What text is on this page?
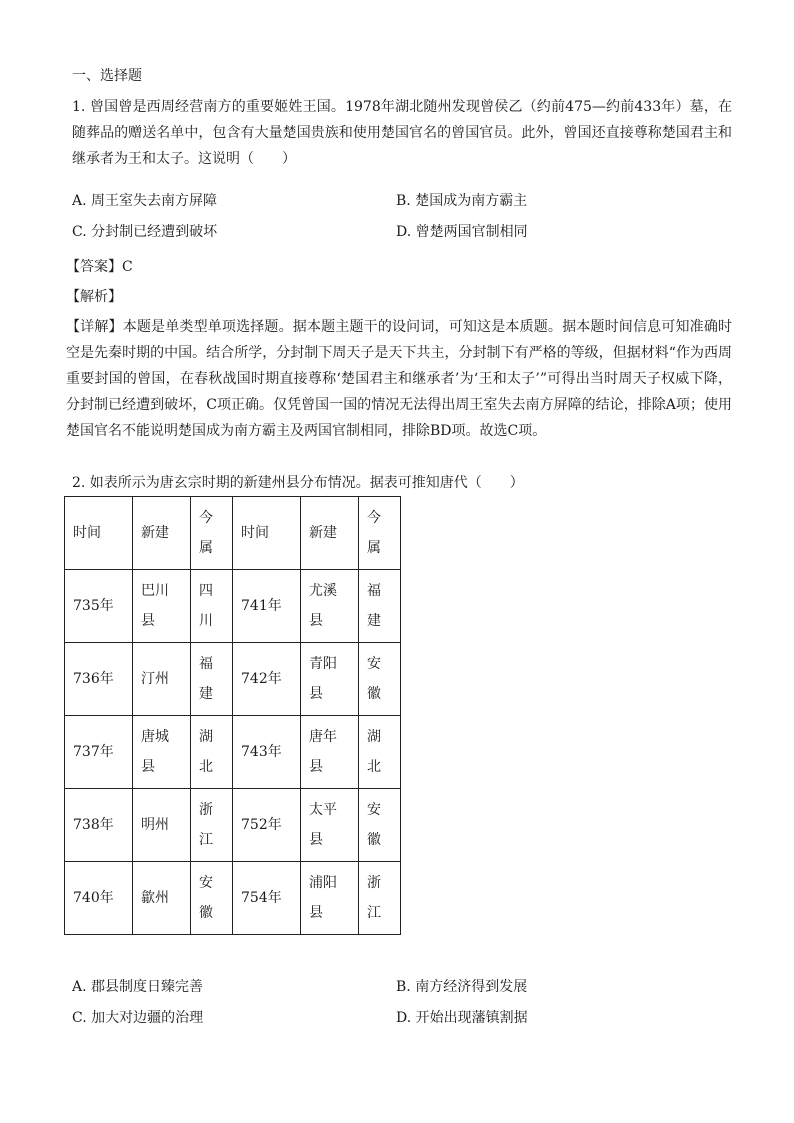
一、选择题
1. 曾国曾是西周经营南方的重要姬姓王国。1978年湖北随州发现曾侯乙（约前475—约前433年）墓，在随葬品的赠送名单中，包含有大量楚国贵族和使用楚国官名的曾国官员。此外，曾国还直接尊称楚国君主和继承者为王和太子。这说明（　　）
A. 周王室失去南方屏障	B. 楚国成为南方霸主
C. 分封制已经遭到破坏	D. 曾楚两国官制相同
【答案】C
【解析】
【详解】本题是单类型单项选择题。据本题主题干的设问词，可知这是本质题。据本题时间信息可知准确时空是先秦时期的中国。结合所学，分封制下周天子是天下共主，分封制下有严格的等级，但据材料“作为西周重要封国的曾国，在春秋战国时期直接尊称‘楚国君主和继承者’为‘王和太子’”可得出当时周天子权威下降，分封制已经遭到破坏，C项正确。仅凭曾国一国的情况无法得出周王室失去南方屏障的结论，排除A项；使用楚国官名不能说明楚国成为南方霸主及两国官制相同，排除BD项。故选C项。
2. 如表所示为唐玄宗时期的新建州县分布情况。据表可推知唐代（　　）
时间	新建	今属	时间	新建	今属
735年	巴川县	四川	741年	尤溪县	福建
736年	汀州	福建	742年	青阳县	安徽
737年	唐城县	湖北	743年	唐年县	湖北
738年	明州	浙江	752年	太平县	安徽
740年	歙州	安徽	754年	浦阳县	浙江
A. 郡县制度日臻完善	B. 南方经济得到发展
C. 加大对边疆的治理	D. 开始出现藩镇割据
